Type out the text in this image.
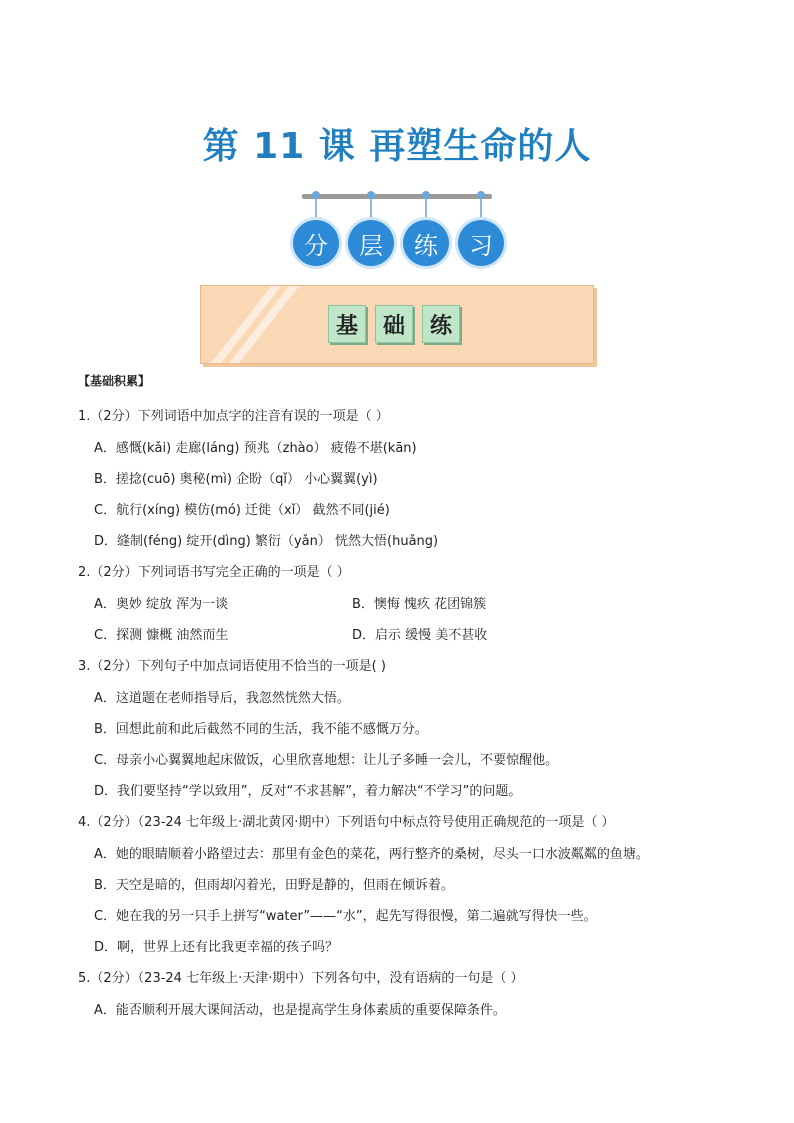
第 11 课 再塑生命的人
分	层	练	习
基	础	练
【基础积累】
1.（2分）下列词语中加点字的注音有误的一项是（ ）
A．感慨(kǎi) 走廊(láng) 预兆（zhào） 疲倦不堪(kān)
B．搓捻(cuō) 奥秘(mì) 企盼（qǐ） 小心翼翼(yì)
C．航行(xíng) 模仿(mó) 迁徙（xǐ） 截然不同(jié)
D．缝制(féng) 绽开(dìng) 繁衍（yǎn） 恍然大悟(huǎng)
2.（2分）下列词语书写完全正确的一项是（ ）
A．奥妙 绽放 浑为一谈	B．懊悔 愧疚 花团锦簇
C．探测 慷概 油然而生	D．启示 缓慢 美不甚收
3.（2分）下列句子中加点词语使用不恰当的一项是( )
A．这道题在老师指导后，我忽然恍然大悟。
B．回想此前和此后截然不同的生活，我不能不感慨万分。
C．母亲小心翼翼地起床做饭，心里欣喜地想：让儿子多睡一会儿，不要惊醒他。
D．我们要坚持“学以致用”，反对“不求甚解”，着力解决“不学习”的问题。
4.（2分）（23-24 七年级上·湖北黄冈·期中）下列语句中标点符号使用正确规范的一项是（ ）
A．她的眼睛顺着小路望过去：那里有金色的菜花，两行整齐的桑树，尽头一口水波粼粼的鱼塘。
B．天空是暗的，但雨却闪着光，田野是静的，但雨在倾诉着。
C．她在我的另一只手上拼写“water”——“水”，起先写得很慢，第二遍就写得快一些。
D．啊，世界上还有比我更幸福的孩子吗？
5.（2分）（23-24 七年级上·天津·期中）下列各句中，没有语病的一句是（ ）
A．能否顺利开展大课间活动，也是提高学生身体素质的重要保障条件。
